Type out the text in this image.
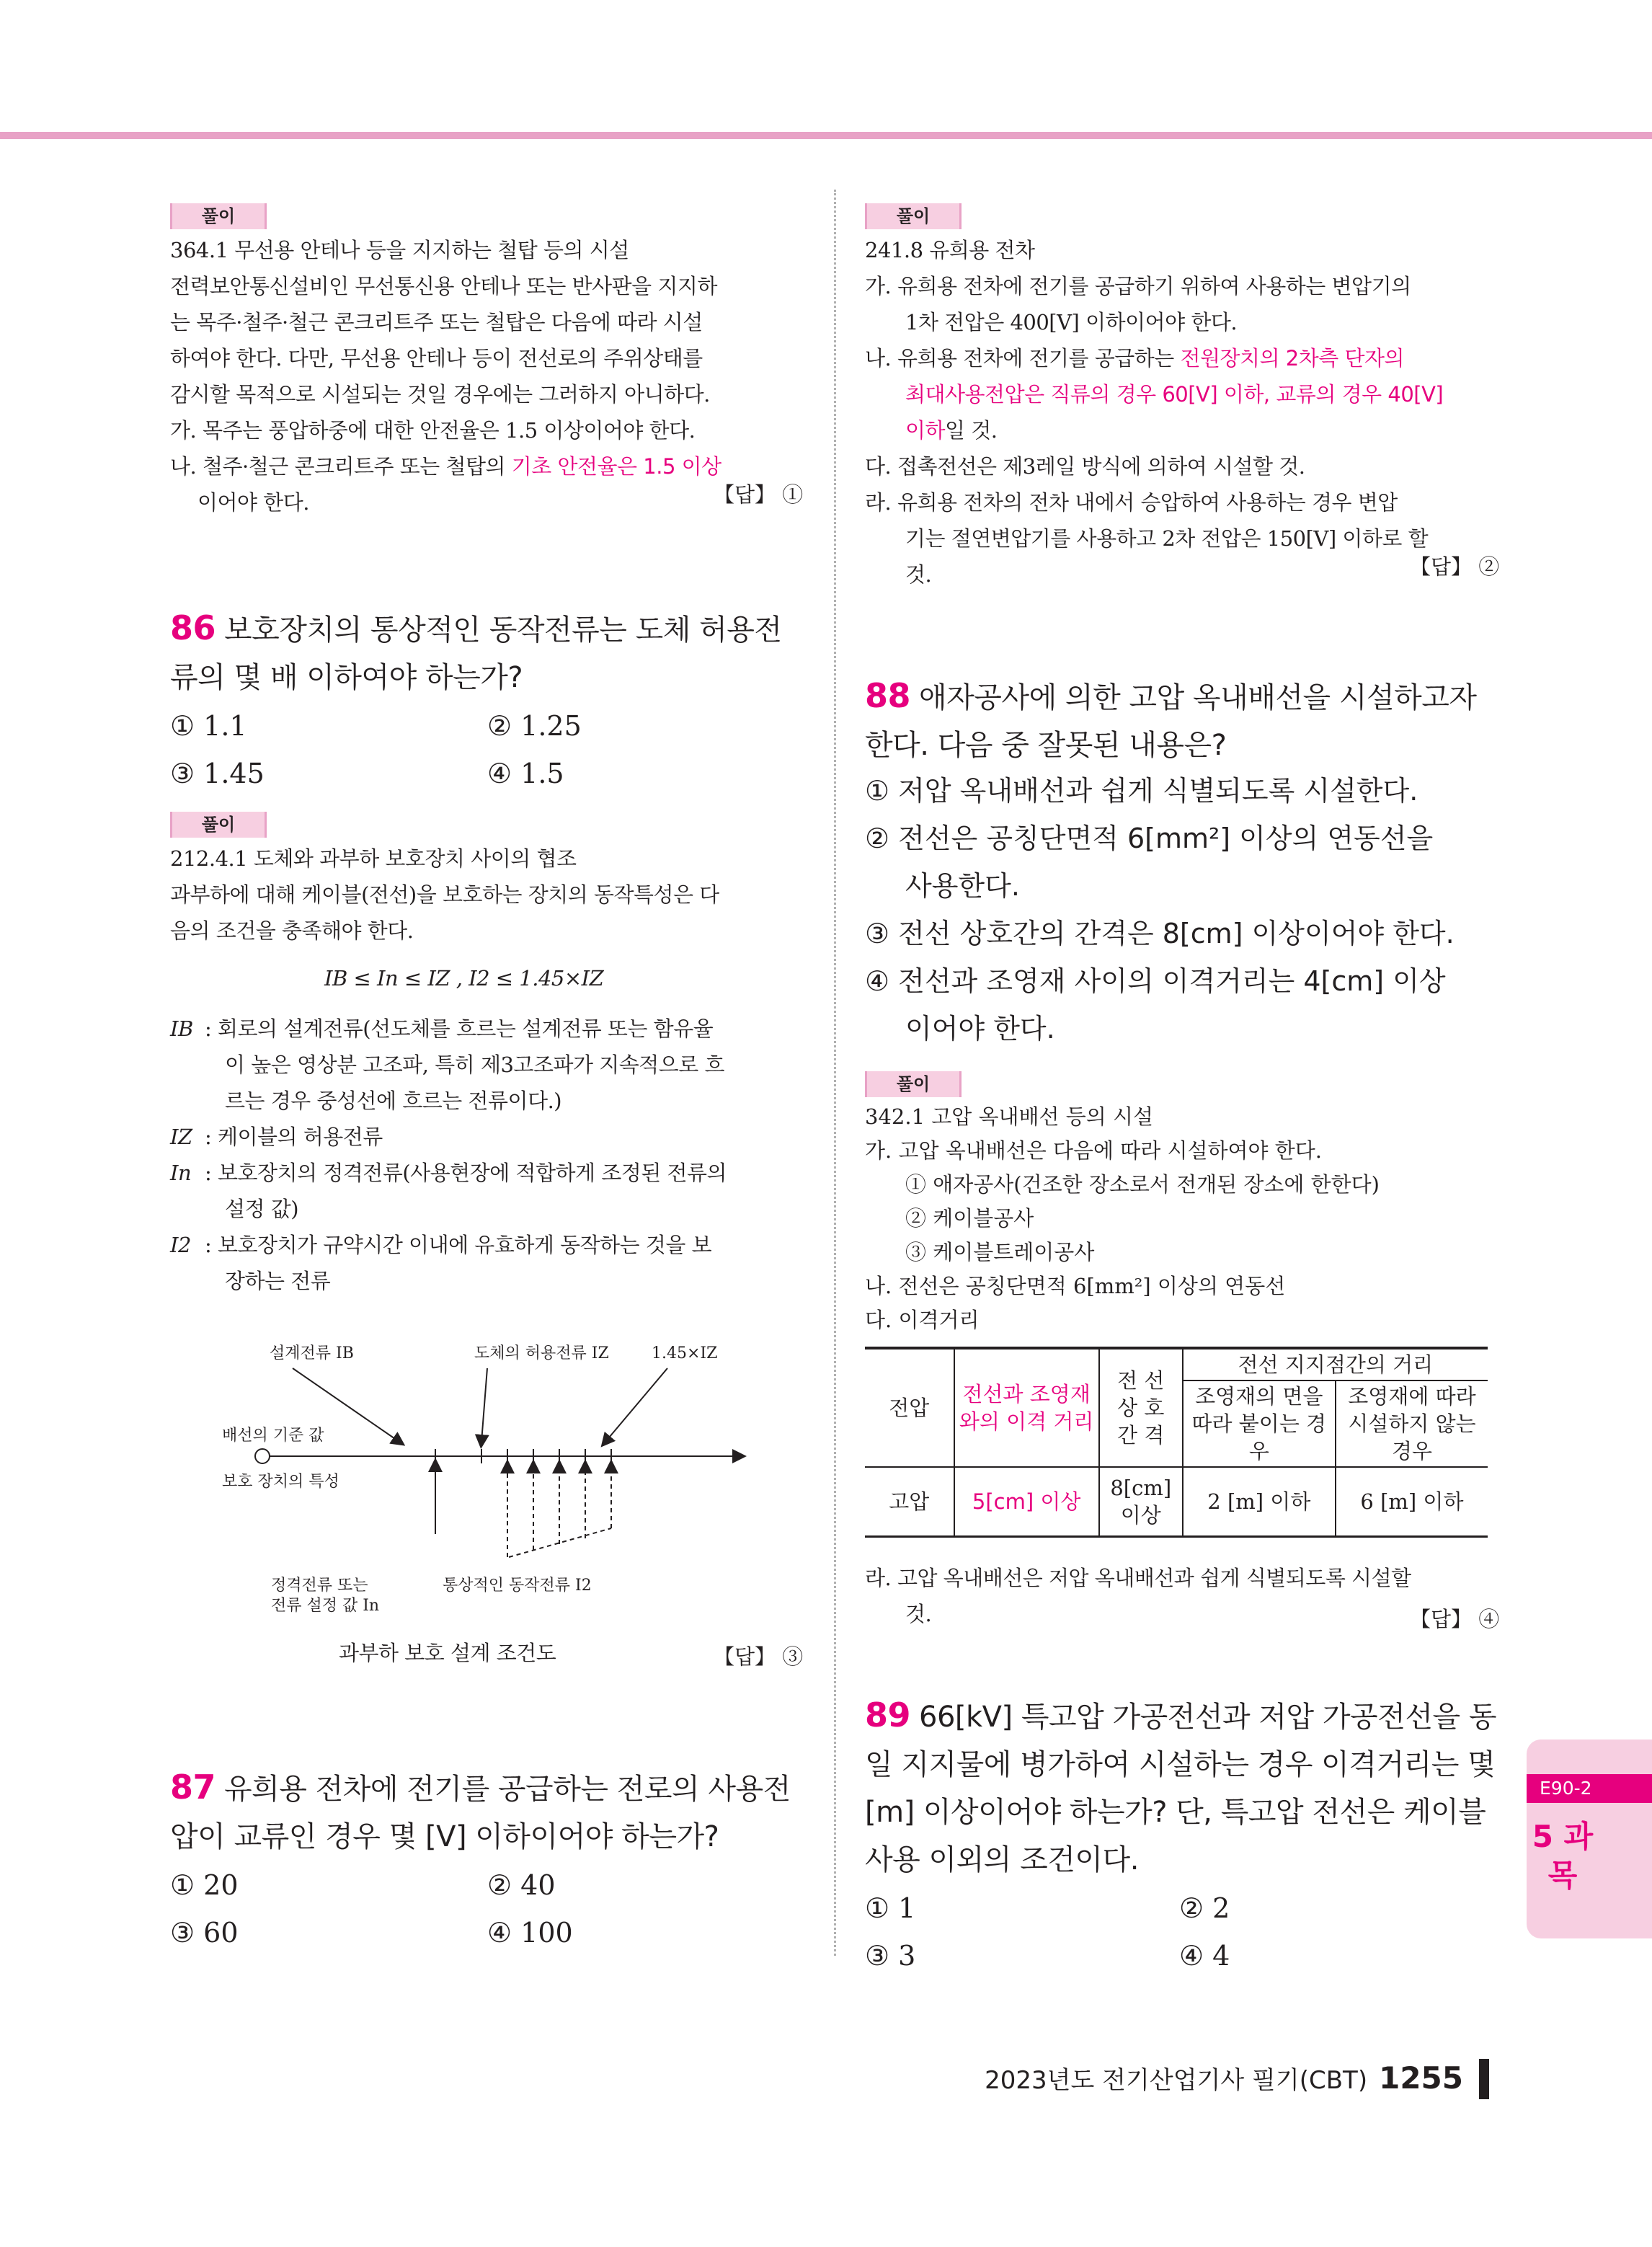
풀이
364.1 무선용 안테나 등을 지지하는 철탑 등의 시설
전력보안통신설비인 무선통신용 안테나 또는 반사판을 지지하
는 목주·철주·철근 콘크리트주 또는 철탑은 다음에 따라 시설
하여야 한다. 다만, 무선용 안테나 등이 전선로의 주위상태를
감시할 목적으로 시설되는 것일 경우에는 그러하지 아니하다.
가. 목주는 풍압하중에 대한 안전율은 1.5 이상이어야 한다.
나. 철주·철근 콘크리트주 또는 철탑의 기초 안전율은 1.5 이상
이어야 한다.	【답】 ①
86 보호장치의 통상적인 동작전류는 도체 허용전
류의 몇 배 이하여야 하는가?
① 1.1	② 1.25
③ 1.45	④ 1.5
풀이
212.4.1 도체와 과부하 보호장치 사이의 협조
과부하에 대해 케이블(전선)을 보호하는 장치의 동작특성은 다
음의 조건을 충족해야 한다.
IB ≤ In ≤ IZ , I2 ≤ 1.45×IZ
IB : 회로의 설계전류(선도체를 흐르는 설계전류 또는 함유율
이 높은 영상분 고조파, 특히 제3고조파가 지속적으로 흐
르는 경우 중성선에 흐르는 전류이다.)
IZ : 케이블의 허용전류
In : 보호장치의 정격전류(사용현장에 적합하게 조정된 전류의
설정 값)
I2 : 보호장치가 규약시간 이내에 유효하게 동작하는 것을 보
장하는 전류
설계전류 IB	도체의 허용전류 IZ	1.45×IZ
배선의 기준 값
보호 장치의 특성
정격전류 또는
전류 설정 값 In
통상적인 동작전류 I2
과부하 보호 설계 조건도	【답】 ③
87 유희용 전차에 전기를 공급하는 전로의 사용전
압이 교류인 경우 몇 [V] 이하이어야 하는가?
① 20	② 40
③ 60	④ 100
풀이
241.8 유희용 전차
가. 유희용 전차에 전기를 공급하기 위하여 사용하는 변압기의
1차 전압은 400[V] 이하이어야 한다.
나. 유희용 전차에 전기를 공급하는 전원장치의 2차측 단자의
최대사용전압은 직류의 경우 60[V] 이하, 교류의 경우 40[V]
이하일 것.
다. 접촉전선은 제3레일 방식에 의하여 시설할 것.
라. 유희용 전차의 전차 내에서 승압하여 사용하는 경우 변압
기는 절연변압기를 사용하고 2차 전압은 150[V] 이하로 할
것.	【답】 ②
88 애자공사에 의한 고압 옥내배선을 시설하고자
한다. 다음 중 잘못된 내용은?
① 저압 옥내배선과 쉽게 식별되도록 시설한다.
② 전선은 공칭단면적 6[mm²] 이상의 연동선을
사용한다.
③ 전선 상호간의 간격은 8[cm] 이상이어야 한다.
④ 전선과 조영재 사이의 이격거리는 4[cm] 이상
이어야 한다.
풀이
342.1 고압 옥내배선 등의 시설
가. 고압 옥내배선은 다음에 따라 시설하여야 한다.
① 애자공사(건조한 장소로서 전개된 장소에 한한다)
② 케이블공사
③ 케이블트레이공사
나. 전선은 공칭단면적 6[mm²] 이상의 연동선
다. 이격거리
전압	전선과 조영재와의 이격 거리	전 선 상 호 간 격	전선 지지점간의 거리	
			조영재의 면을 따라 붙이는 경우	조영재에 따라 시설하지 않는 경우
고압	5[cm] 이상	8[cm] 이상	2 [m] 이하	6 [m] 이하
라. 고압 옥내배선은 저압 옥내배선과 쉽게 식별되도록 시설할
것.	【답】 ④
89 66[kV] 특고압 가공전선과 저압 가공전선을 동
일 지지물에 병가하여 시설하는 경우 이격거리는 몇
[m] 이상이어야 하는가? 단, 특고압 전선은 케이블
사용 이외의 조건이다.
① 1	② 2
③ 3	④ 4
E90-2
5 과 목
2023년도 전기산업기사 필기(CBT) 1255
